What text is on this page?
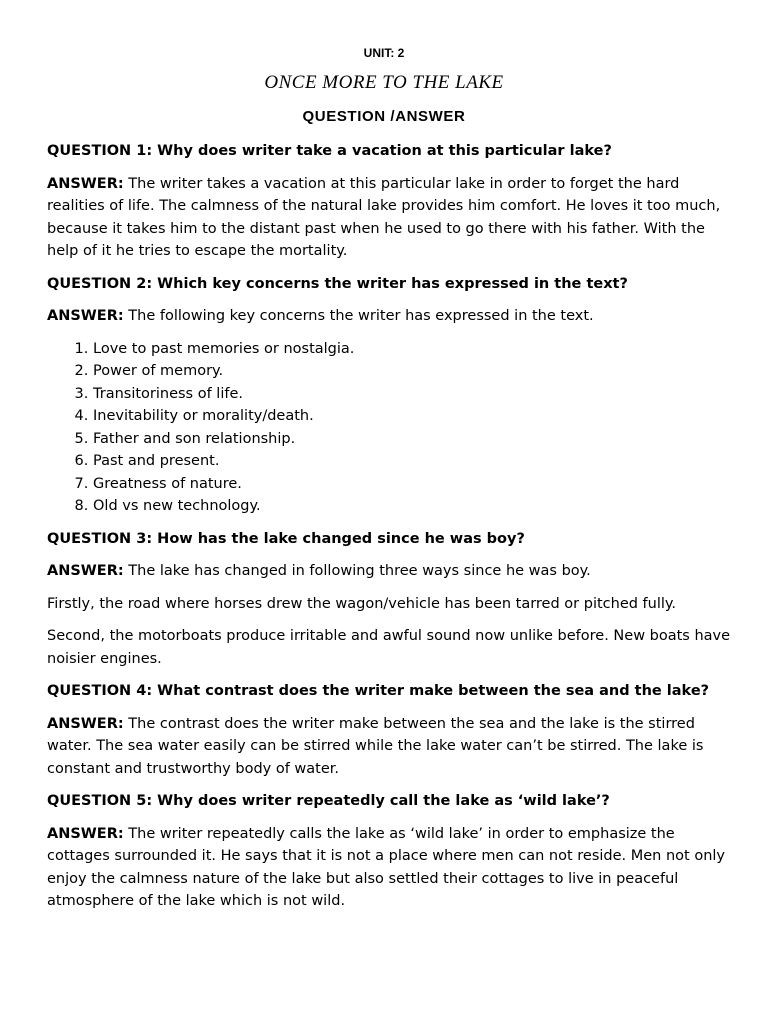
UNIT: 2
ONCE MORE TO THE LAKE
QUESTION /ANSWER
QUESTION 1: Why does writer take a vacation at this particular lake?
ANSWER: The writer takes a vacation at this particular lake in order to forget the hard realities of life. The calmness of the natural lake provides him comfort. He loves it too much, because it takes him to the distant past when he used to go there with his father. With the help of it he tries to escape the mortality.
QUESTION 2: Which key concerns the writer has expressed in the text?
ANSWER: The following key concerns the writer has expressed in the text.
1. Love to past memories or nostalgia.
2. Power of memory.
3. Transitoriness of life.
4. Inevitability or morality/death.
5. Father and son relationship.
6. Past and present.
7. Greatness of nature.
8. Old vs new technology.
QUESTION 3: How has the lake changed since he was boy?
ANSWER: The lake has changed in following three ways since he was boy.
Firstly, the road where horses drew the wagon/vehicle has been tarred or pitched fully.
Second, the motorboats produce irritable and awful sound now unlike before. New boats have noisier engines.
QUESTION 4: What contrast does the writer make between the sea and the lake?
ANSWER: The contrast does the writer make between the sea and the lake is the stirred water. The sea water easily can be stirred while the lake water can’t be stirred. The lake is constant and trustworthy body of water.
QUESTION 5: Why does writer repeatedly call the lake as ‘wild lake’?
ANSWER: The writer repeatedly calls the lake as ‘wild lake’ in order to emphasize the cottages surrounded it. He says that it is not a place where men can not reside. Men not only enjoy the calmness nature of the lake but also settled their cottages to live in peaceful atmosphere of the lake which is not wild.
